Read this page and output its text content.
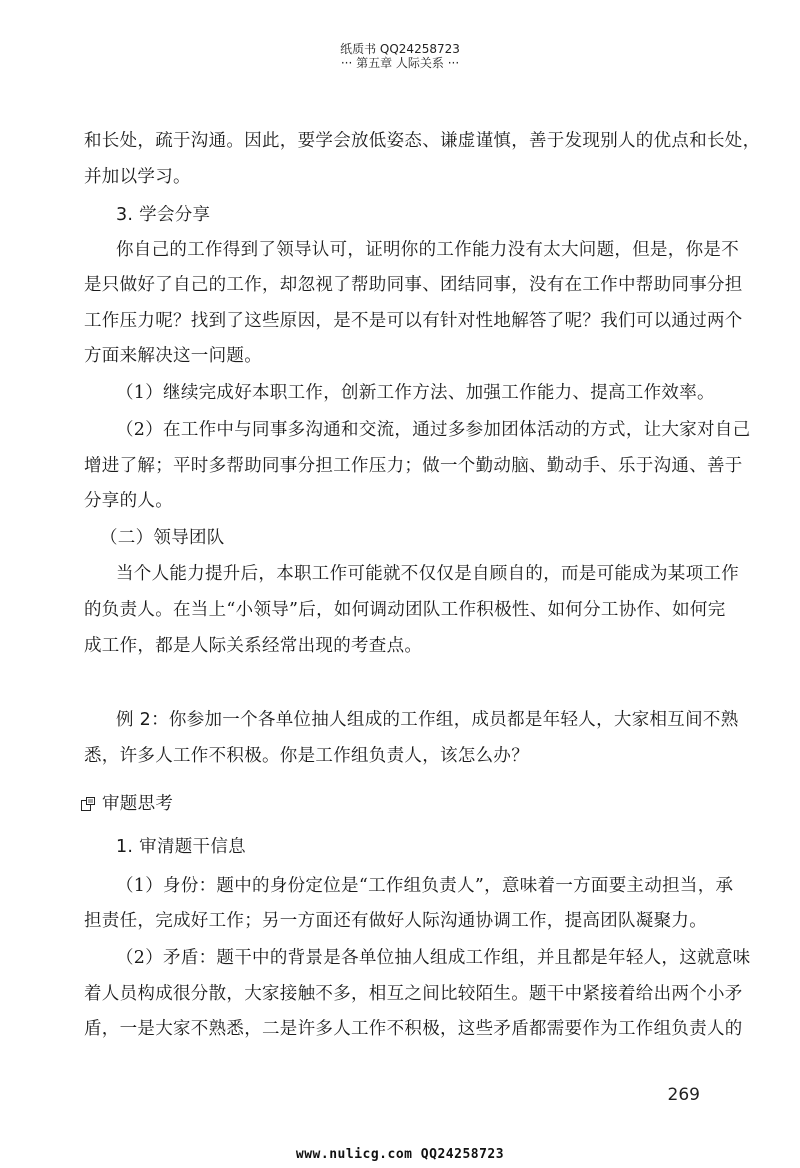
纸质书 QQ24258723
··· 第五章 人际关系 ···
和长处，疏于沟通。因此，要学会放低姿态、谦虚谨慎，善于发现别人的优点和长处，
并加以学习。
3. 学会分享
你自己的工作得到了领导认可，证明你的工作能力没有太大问题，但是，你是不
是只做好了自己的工作，却忽视了帮助同事、团结同事，没有在工作中帮助同事分担
工作压力呢？找到了这些原因，是不是可以有针对性地解答了呢？我们可以通过两个
方面来解决这一问题。
（1）继续完成好本职工作，创新工作方法、加强工作能力、提高工作效率。
（2）在工作中与同事多沟通和交流，通过多参加团体活动的方式，让大家对自己
增进了解；平时多帮助同事分担工作压力；做一个勤动脑、勤动手、乐于沟通、善于
分享的人。
（二）领导团队
当个人能力提升后，本职工作可能就不仅仅是自顾自的，而是可能成为某项工作
的负责人。在当上“小领导”后，如何调动团队工作积极性、如何分工协作、如何完
成工作，都是人际关系经常出现的考查点。
例 2：你参加一个各单位抽人组成的工作组，成员都是年轻人，大家相互间不熟
悉，许多人工作不积极。你是工作组负责人，该怎么办？
审题思考
1. 审清题干信息
（1）身份：题中的身份定位是“工作组负责人”，意味着一方面要主动担当，承
担责任，完成好工作；另一方面还有做好人际沟通协调工作，提高团队凝聚力。
（2）矛盾：题干中的背景是各单位抽人组成工作组，并且都是年轻人，这就意味
着人员构成很分散，大家接触不多，相互之间比较陌生。题干中紧接着给出两个小矛
盾，一是大家不熟悉，二是许多人工作不积极，这些矛盾都需要作为工作组负责人的
269
www.nulicg.com QQ24258723
